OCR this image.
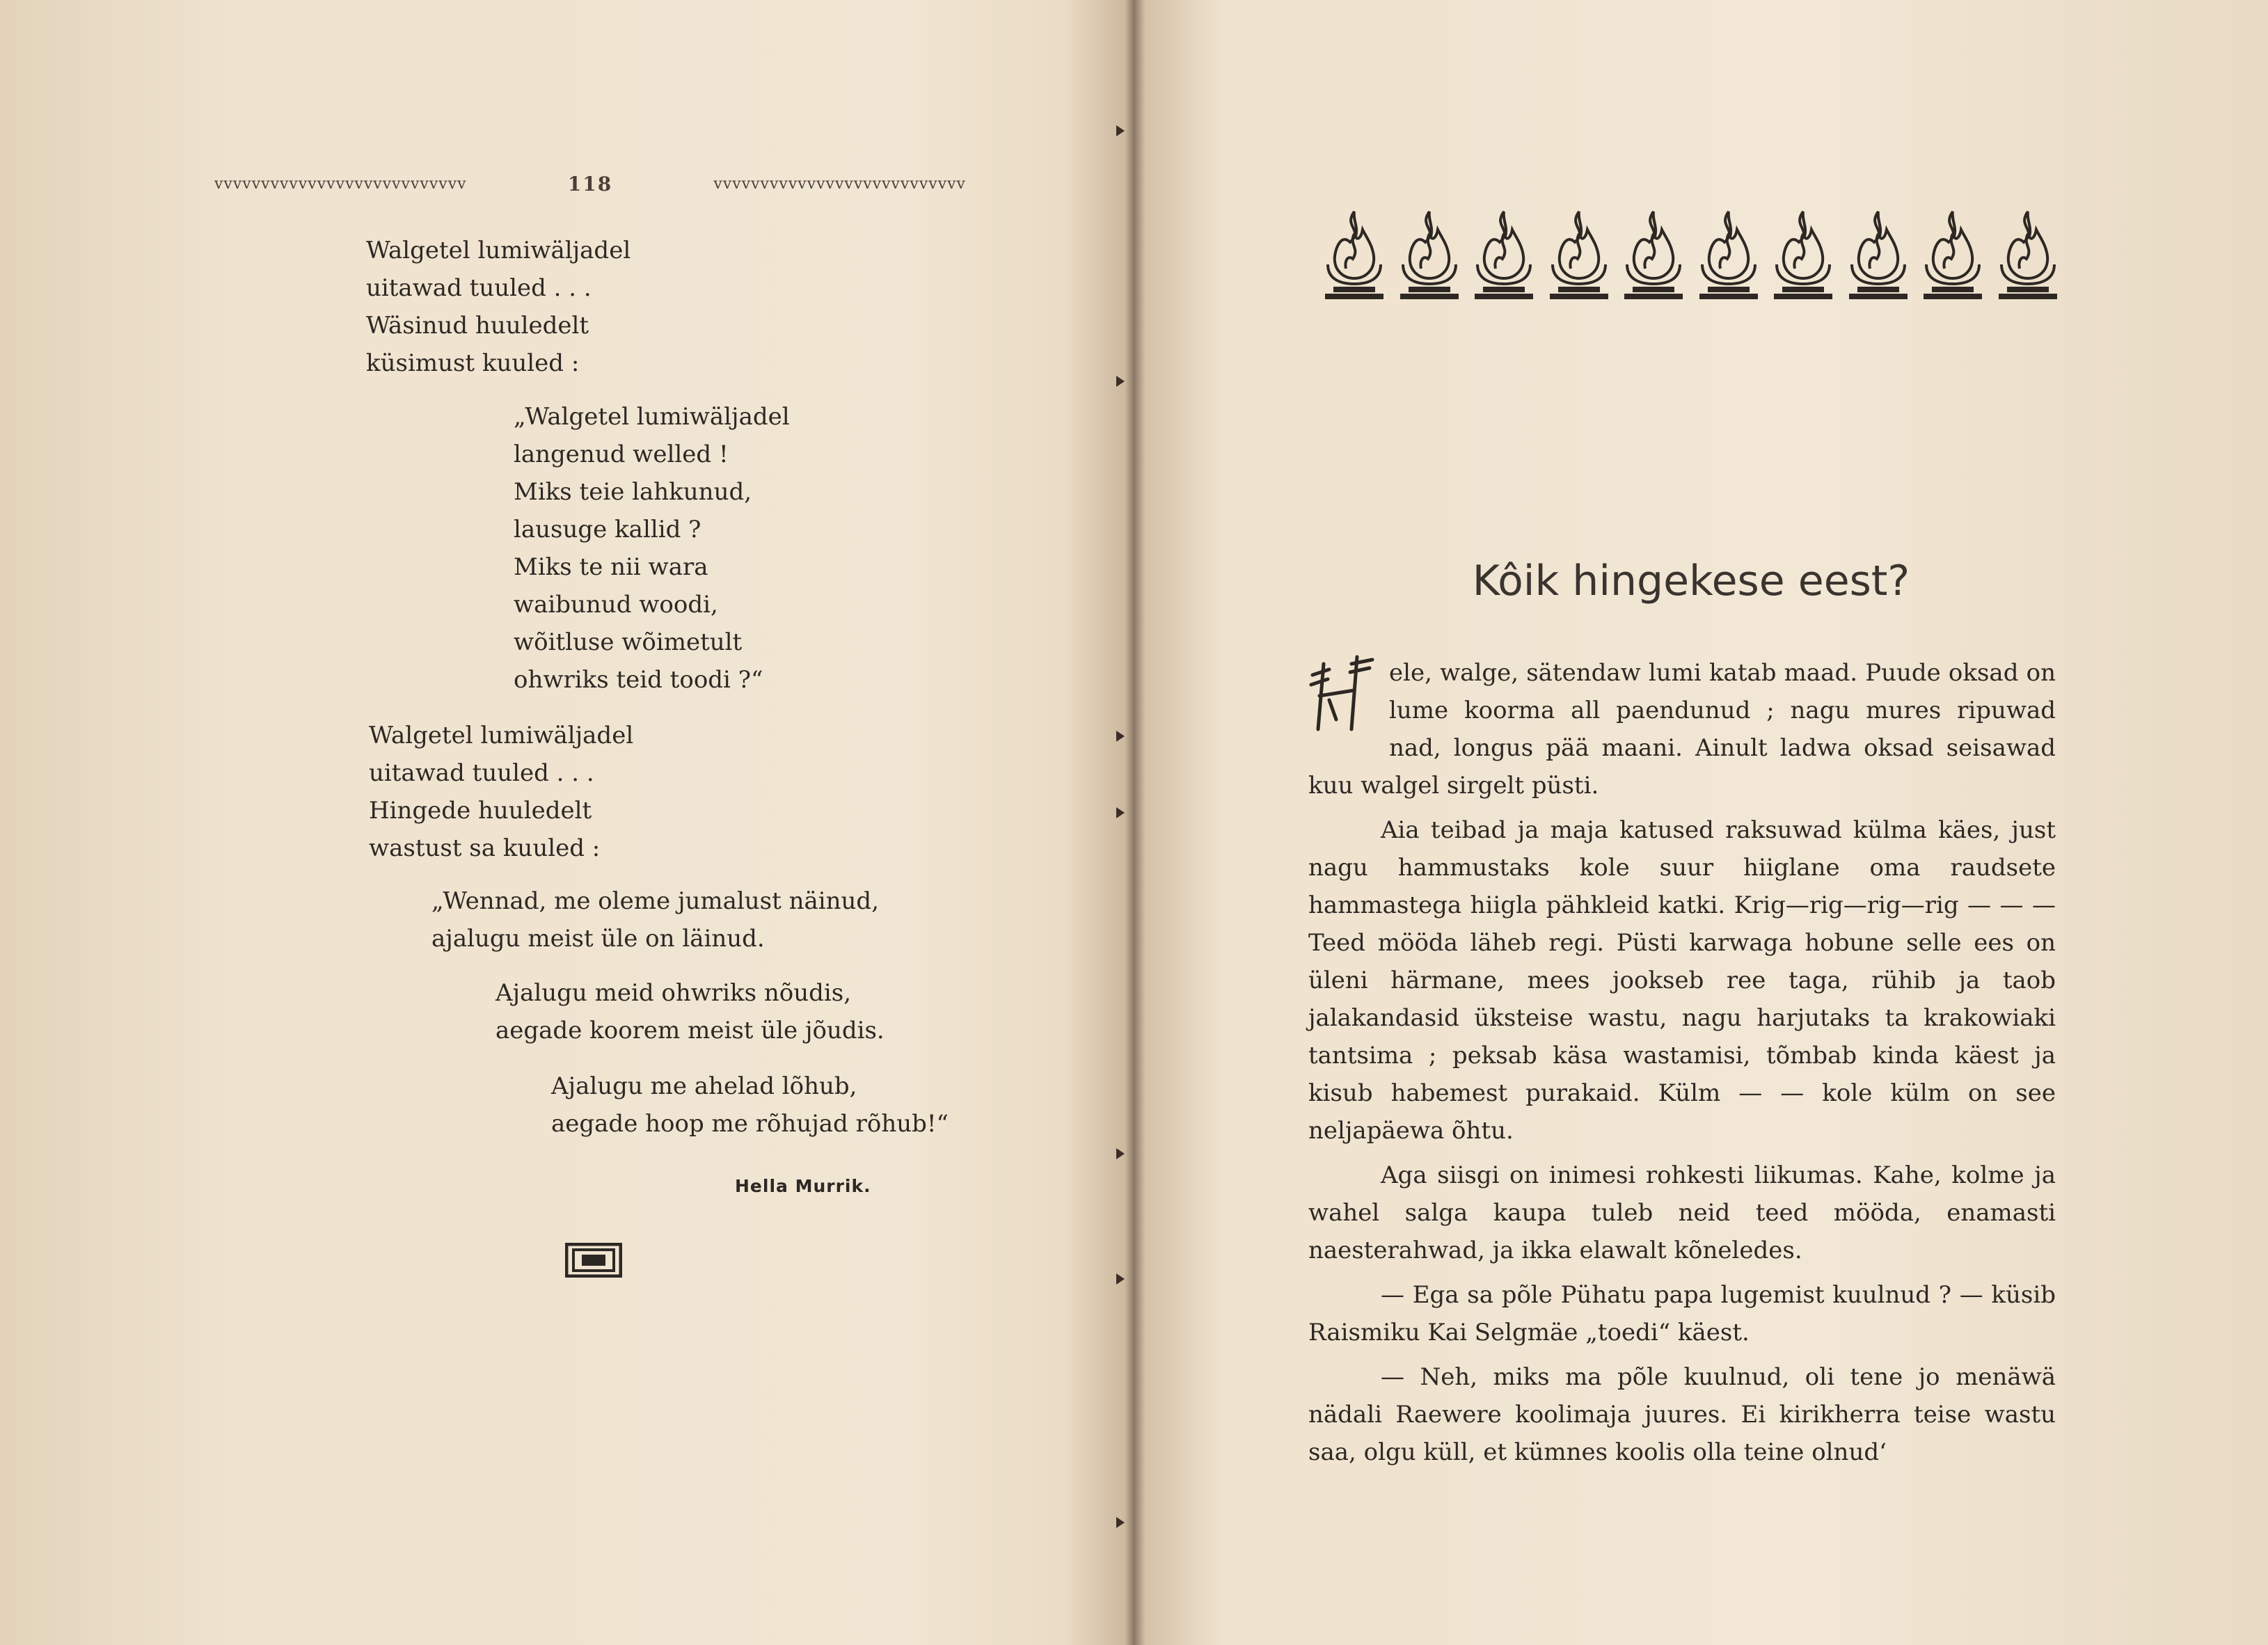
vvvvvvvvvvvvvvvvvvvvvvvvvvv	118	vvvvvvvvvvvvvvvvvvvvvvvvvvv
Walgetel lumiwäljadel
uitawad tuuled . . .
Wäsinud huuledelt
küsimust kuuled :
„Walgetel lumiwäljadel
langenud welled !
Miks teie lahkunud,
lausuge kallid ?
Miks te nii wara
waibunud woodi,
wõitluse wõimetult
ohwriks teid toodi ?“
Walgetel lumiwäljadel
uitawad tuuled . . .
Hingede huuledelt
wastust sa kuuled :
„Wennad, me oleme jumalust näinud,
ajalugu meist üle on läinud.
Ajalugu meid ohwriks nõudis,
aegade koorem meist üle jõudis.
Ajalugu me ahelad lõhub,
aegade hoop me rõhujad rõhub!“
Hella Murrik.
Kôik hingekese eest?

ele, walge, sätendaw lumi katab maad. Puude oksad on lume koorma all paendunud ; nagu mures ripuwad nad, longus pää maani. Ainult ladwa oksad seisawad kuu walgel sirgelt püsti.

Aia teibad ja maja katused raksuwad külma käes, just nagu hammustaks kole suur hiiglane oma raudsete hammastega hiigla pähkleid katki. Krig—rig—rig—rig — — — Teed mööda läheb regi. Püsti karwaga hobune selle ees on üleni härmane, mees jookseb ree taga, rühib ja taob jalakandasid üksteise wastu, nagu harjutaks ta krakowiaki tantsima ; peksab käsa wastamisi, tõmbab kinda käest ja kisub habemest purakaid. Külm — — kole külm on see neljapäewa õhtu.

Aga siisgi on inimesi rohkesti liikumas. Kahe, kolme ja wahel salga kaupa tuleb neid teed mööda, enamasti naesterahwad, ja ikka elawalt kõneledes.

— Ega sa põle Pühatu papa lugemist kuulnud ? — küsib Raismiku Kai Selgmäe „toedi“ käest.

— Neh, miks ma põle kuulnud, oli tene jo menäwä nädali Raewere koolimaja juures. Ei kirikherra teise wastu saa, olgu küll, et kümnes koolis olla teine olnud‘
